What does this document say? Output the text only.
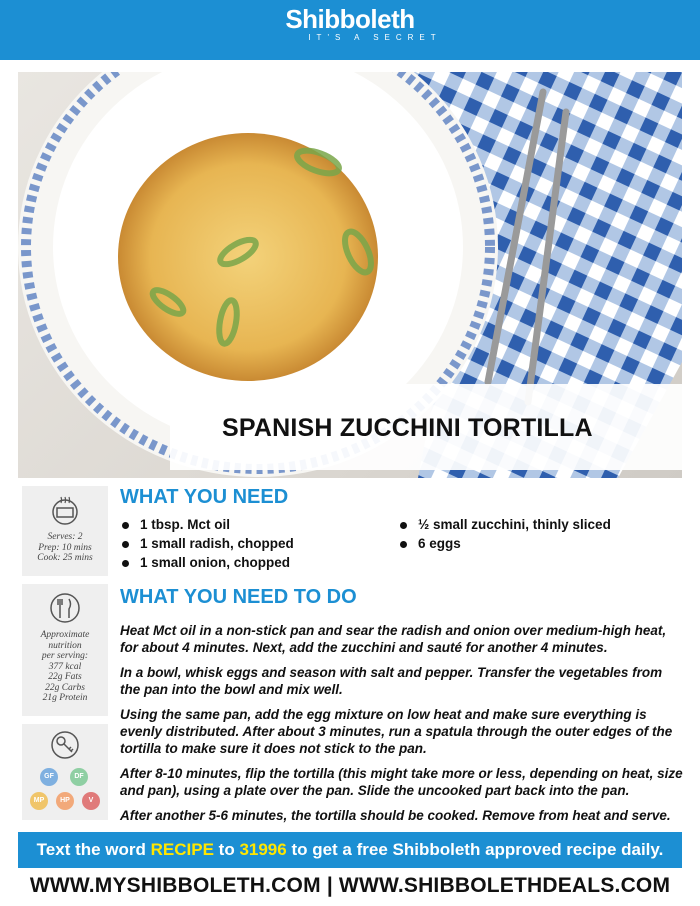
Shibboleth
IT'S A SECRET
SPANISH ZUCCHINI TORTILLA
Serves: 2
Prep: 10 mins
Cook: 25 mins
Approximate
nutrition
per serving:
377 kcal
22g Fats
22g Carbs
21g Protein
GF	DF
MP	HP	V
WHAT YOU NEED
1 tbsp. Mct oil
1 small radish, chopped
1 small onion, chopped
½ small zucchini, thinly sliced
6 eggs
WHAT YOU NEED TO DO

Heat Mct oil in a non-stick pan and sear the radish and onion over medium-high heat, for about 4 minutes. Next, add the zucchini and sauté for another 4 minutes.

In a bowl, whisk eggs and season with salt and pepper. Transfer the vegetables from the pan into the bowl and mix well.

Using the same pan, add the egg mixture on low heat and make sure everything is evenly distributed. After about 3 minutes, run a spatula through the outer edges of the tortilla to make sure it does not stick to the pan.

After 8-10 minutes, flip the tortilla (this might take more or less, depending on heat, size and pan), using a plate over the pan. Slide the uncooked part back into the pan.

After another 5-6 minutes, the tortilla should be cooked. Remove from heat and serve.

Text the word RECIPE to 31996 to get a free Shibboleth approved recipe daily.
WWW.MYSHIBBOLETH.COM | WWW.SHIBBOLETHDEALS.COM
